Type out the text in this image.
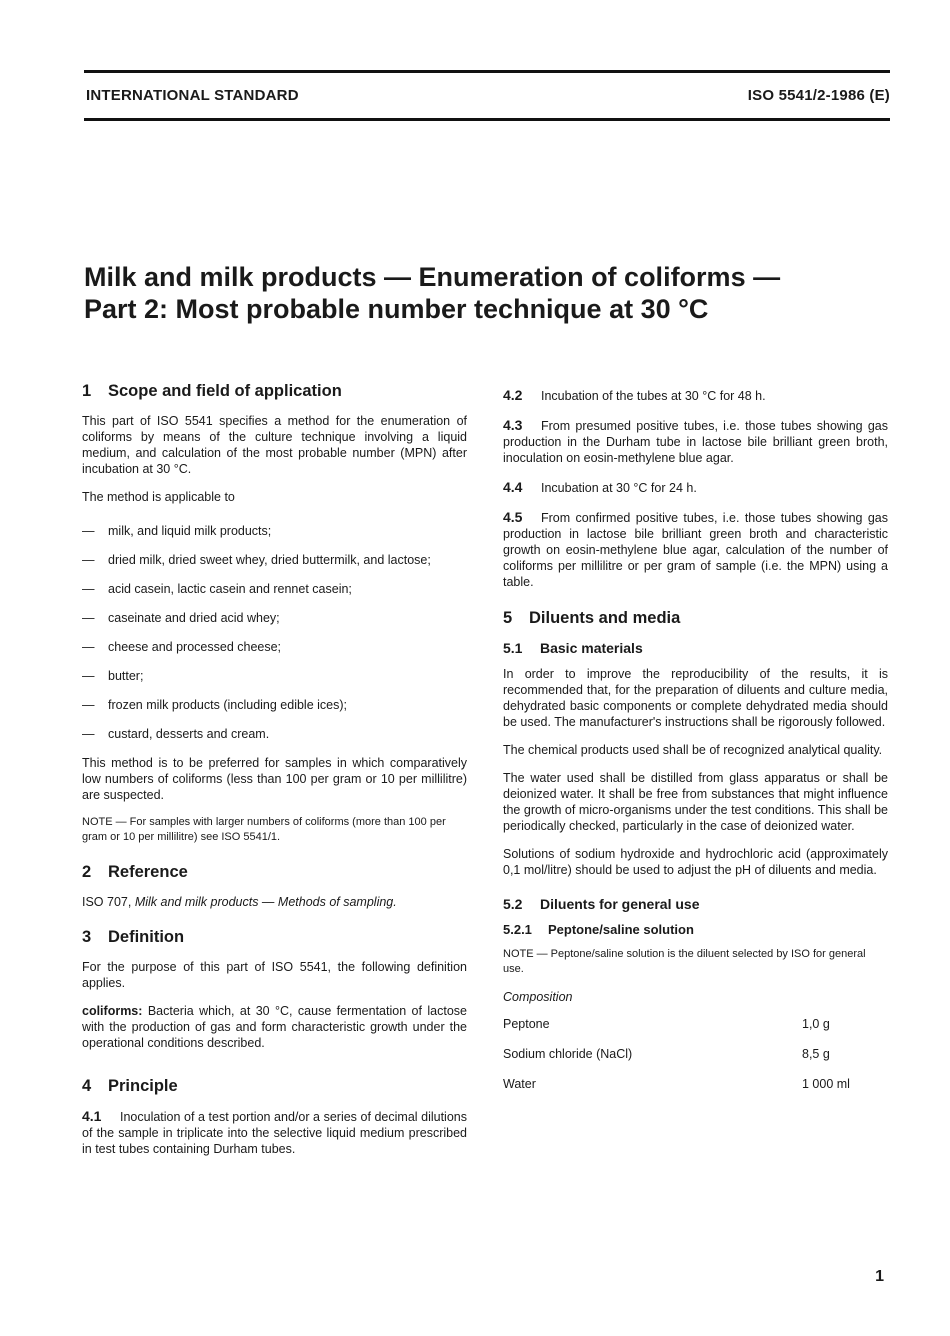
INTERNATIONAL STANDARD	ISO 5541/2-1986 (E)
Milk and milk products — Enumeration of coliforms —
Part 2: Most probable number technique at 30 °C
1 Scope and field of application

This part of ISO 5541 specifies a method for the enumeration of coliforms by means of the culture technique involving a liquid medium, and calculation of the most probable number (MPN) after incubation at 30 °C.

The method is applicable to

— milk, and liquid milk products;
— dried milk, dried sweet whey, dried buttermilk, and lactose;
— acid casein, lactic casein and rennet casein;
— caseinate and dried acid whey;
— cheese and processed cheese;
— butter;
— frozen milk products (including edible ices);
— custard, desserts and cream.

This method is to be preferred for samples in which comparatively low numbers of coliforms (less than 100 per gram or 10 per millilitre) are suspected.

NOTE — For samples with larger numbers of coliforms (more than 100 per gram or 10 per millilitre) see ISO 5541/1.

2 Reference

ISO 707, Milk and milk products — Methods of sampling.

3 Definition

For the purpose of this part of ISO 5541, the following definition applies.

coliforms: Bacteria which, at 30 °C, cause fermentation of lactose with the production of gas and form characteristic growth under the operational conditions described.

4 Principle
4.1 Inoculation of a test portion and/or a series of decimal dilutions of the sample in triplicate into the selective liquid medium prescribed in test tubes containing Durham tubes.
4.2 Incubation of the tubes at 30 °C for 48 h.
4.3 From presumed positive tubes, i.e. those tubes showing gas production in the Durham tube in lactose bile brilliant green broth, inoculation on eosin-methylene blue agar.
4.4 Incubation at 30 °C for 24 h.
4.5 From confirmed positive tubes, i.e. those tubes showing gas production in lactose bile brilliant green broth and characteristic growth on eosin-methylene blue agar, calculation of the number of coliforms per millilitre or per gram of sample (i.e. the MPN) using a table.
5 Diluents and media
5.1 Basic materials

In order to improve the reproducibility of the results, it is recommended that, for the preparation of diluents and culture media, dehydrated basic components or complete dehydrated media should be used. The manufacturer's instructions shall be rigorously followed.

The chemical products used shall be of recognized analytical quality.

The water used shall be distilled from glass apparatus or shall be deionized water. It shall be free from substances that might influence the growth of micro-organisms under the test conditions. This shall be periodically checked, particularly in the case of deionized water.

Solutions of sodium hydroxide and hydrochloric acid (approximately 0,1 mol/litre) should be used to adjust the pH of diluents and media.

5.2 Diluents for general use
5.2.1 Peptone/saline solution

NOTE — Peptone/saline solution is the diluent selected by ISO for general use.

Composition

Peptone	1,0 g
Sodium chloride (NaCl)	8,5 g
Water	1 000 ml
1
